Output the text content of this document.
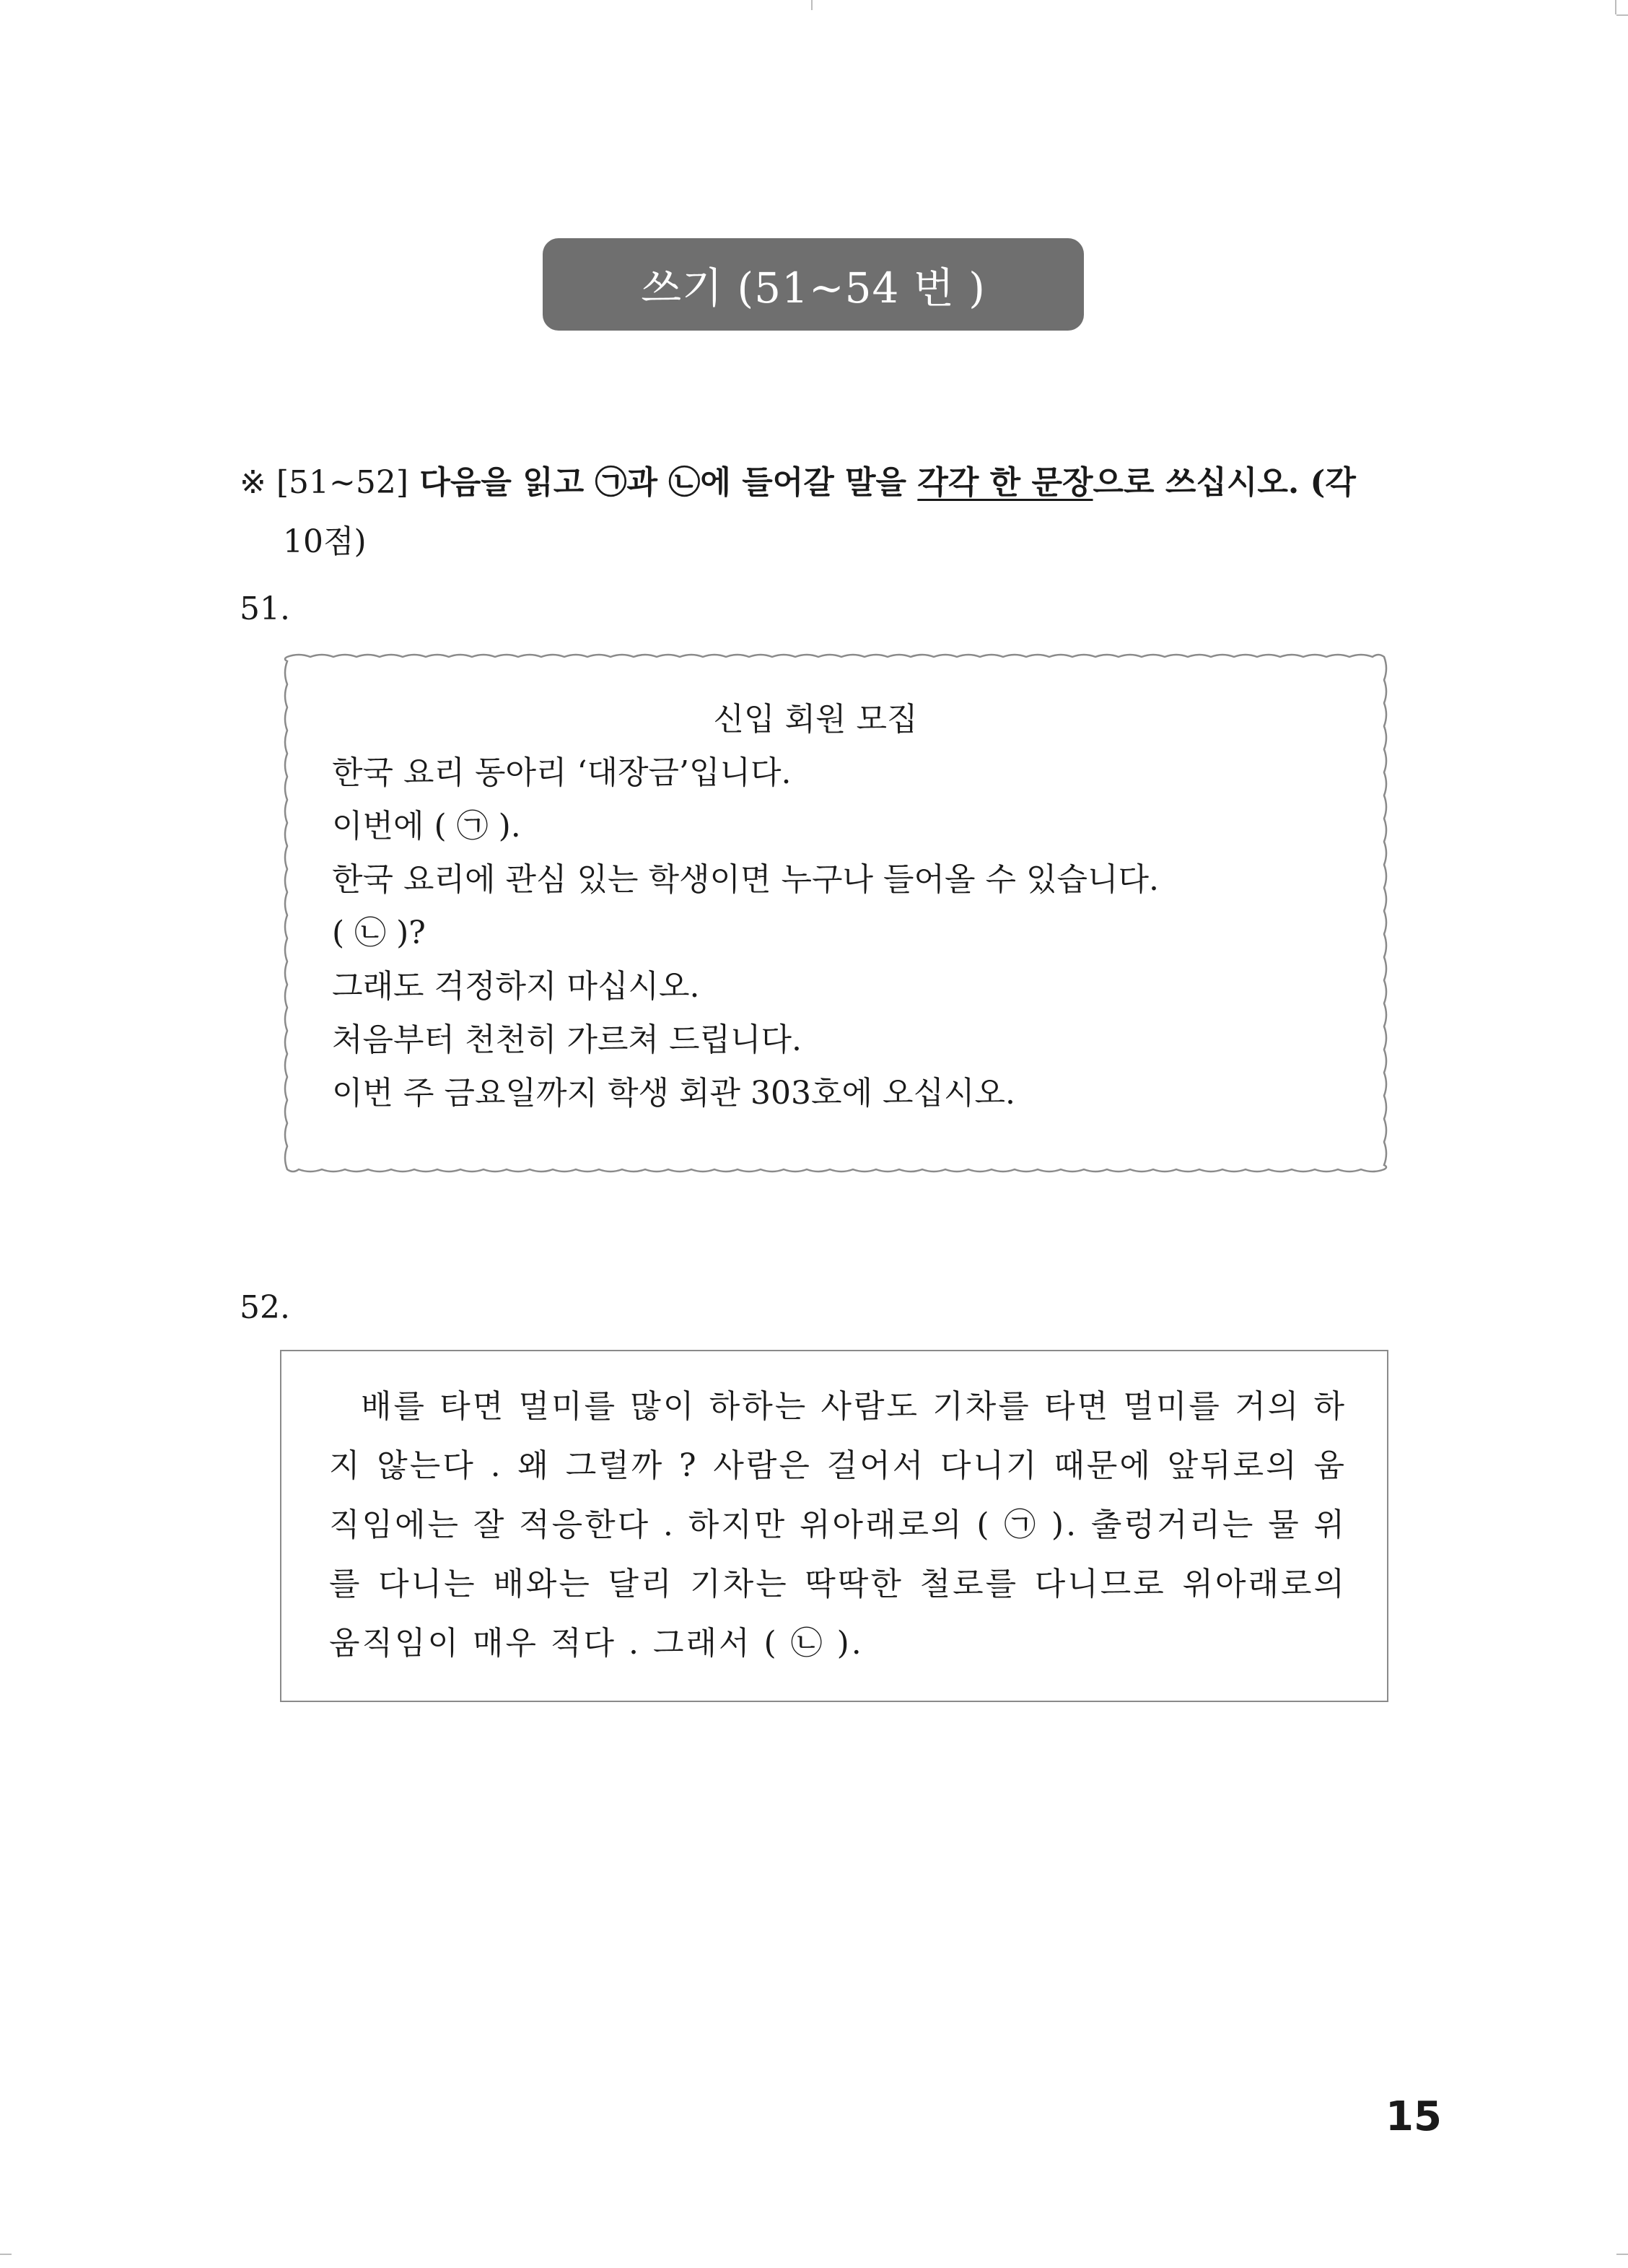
쓰기 (51~54 번 )
※ [51~52] 다음을 읽고 ㉠과 ㉡에 들어갈 말을 각각 한 문장으로 쓰십시오. (각
10점)
51.
신입 회원 모집
한국 요리 동아리 ‘대장금’입니다.
이번에 ( ㉠ ).
한국 요리에 관심 있는 학생이면 누구나 들어올 수 있습니다.
( ㉡ )?
그래도 걱정하지 마십시오.
처음부터 천천히 가르쳐 드립니다.
이번 주 금요일까지 학생 회관 303호에 오십시오.
52.
배를 타면 멀미를 많이 하하는 사람도 기차를 타면 멀미를 거의 하지 않는다 . 왜 그럴까 ? 사람은 걸어서 다니기 때문에 앞뒤로의 움직임에는 잘 적응한다 . 하지만 위아래로의 ( ㉠ ). 출렁거리는 물 위를 다니는 배와는 달리 기차는 딱딱한 철로를 다니므로 위아래로의 움직임이 매우 적다 . 그래서 ( ㉡ ).
15
